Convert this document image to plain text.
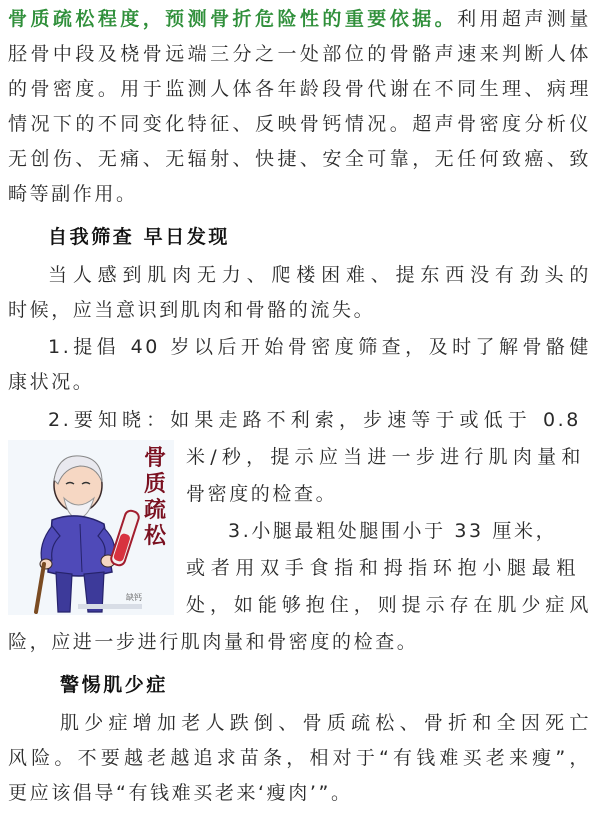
骨质疏松程度，预测骨折危险性的重要依据。利用超声测量
胫骨中段及桡骨远端三分之一处部位的骨骼声速来判断人体
的骨密度。用于监测人体各年龄段骨代谢在不同生理、病理
情况下的不同变化特征、反映骨钙情况。超声骨密度分析仪
无创伤、无痛、无辐射、快捷、安全可靠，无任何致癌、致
畸等副作用。
自我筛查 早日发现
当人感到肌肉无力、爬楼困难、提东西没有劲头的
时候，应当意识到肌肉和骨骼的流失。
1.提倡 40 岁以后开始骨密度筛查，及时了解骨骼健
康状况。
2.要知晓：如果走路不利索，步速等于或低于 0.8
米/秒，提示应当进一步进行肌肉量和
骨密度的检查。
3.小腿最粗处腿围小于 33 厘米，
或者用双手食指和拇指环抱小腿最粗
处，如能够抱住，则提示存在肌少症风
险，应进一步进行肌肉量和骨密度的检查。
警惕肌少症
肌少症增加老人跌倒、骨质疏松、骨折和全因死亡
风险。不要越老越追求苗条，相对于“有钱难买老来瘦”，
更应该倡导“有钱难买老来‘瘦肉’”。
缺钙
骨质疏松
